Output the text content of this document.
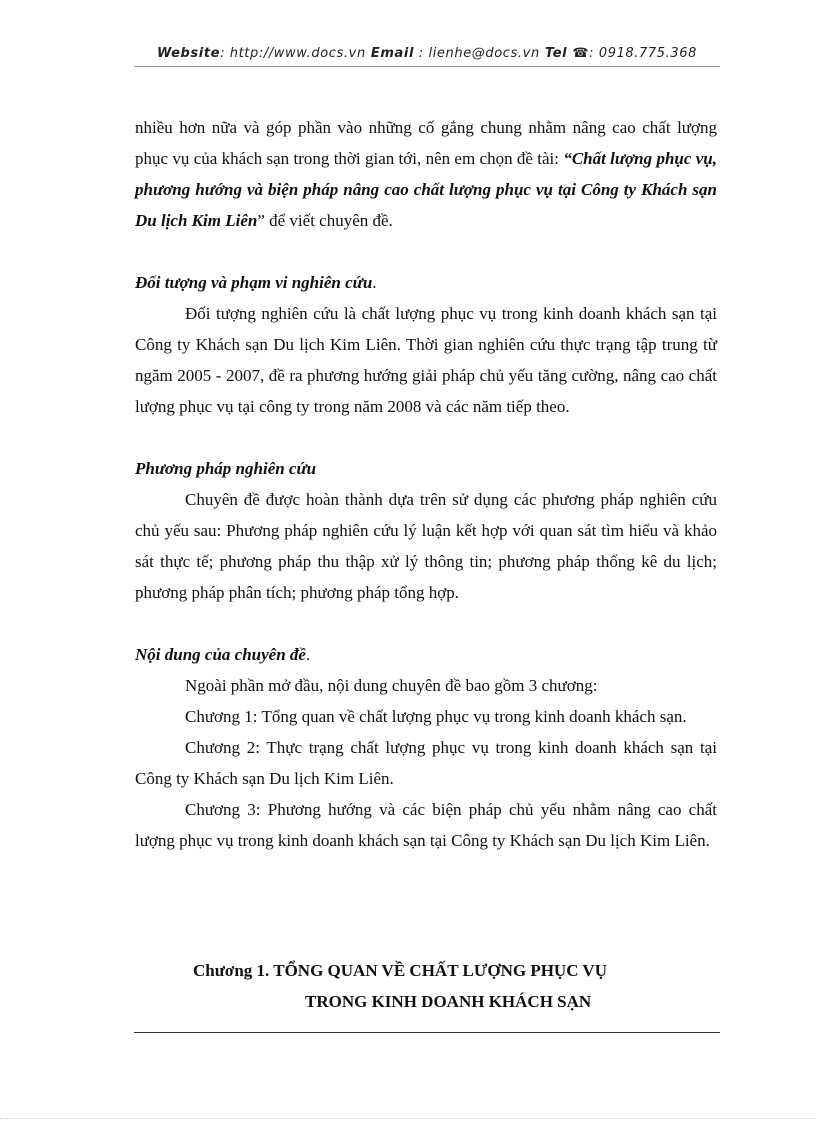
Website: http://www.docs.vn Email : lienhe@docs.vn Tel ☎: 0918.775.368

nhiều hơn nữa và góp phần vào những cố gắng chung nhằm nâng cao chất lượng phục vụ của khách sạn trong thời gian tới, nên em chọn đề tài: “Chất lượng phục vụ, phương hướng và biện pháp nâng cao chất lượng phục vụ tại Công ty Khách sạn Du lịch Kim Liên” để viết chuyên đề.

Đối tượng và phạm vi nghiên cứu.

Đối tượng nghiên cứu là chất lượng phục vụ trong kinh doanh khách sạn tại Công ty Khách sạn Du lịch Kim Liên. Thời gian nghiên cứu thực trạng tập trung từ ngăm 2005 - 2007, đề ra phương hướng giải pháp chủ yếu tăng cường, nâng cao chất lượng phục vụ tại công ty trong năm 2008 và các năm tiếp theo.

Phương pháp nghiên cứu

Chuyên đề được hoàn thành dựa trên sử dụng các phương pháp nghiên cứu chủ yếu sau: Phương pháp nghiên cứu lý luận kết hợp với quan sát tìm hiểu và khảo sát thực tế; phương pháp thu thập xử lý thông tin; phương pháp thống kê du lịch; phương pháp phân tích; phương pháp tổng hợp.

Nội dung của chuyên đề.

Ngoài phần mở đầu, nội dung chuyên đề bao gồm 3 chương:

Chương 1: Tổng quan về chất lượng phục vụ trong kinh doanh khách sạn.

Chương 2: Thực trạng chất lượng phục vụ trong kinh doanh khách sạn tại Công ty Khách sạn Du lịch Kim Liên.

Chương 3: Phương hướng và các biện pháp chủ yếu nhằm nâng cao chất lượng phục vụ trong kinh doanh khách sạn tại Công ty Khách sạn Du lịch Kim Liên.

Chương 1. TỔNG QUAN VỀ CHẤT LƯỢNG PHỤC VỤ
TRONG KINH DOANH KHÁCH SẠN
